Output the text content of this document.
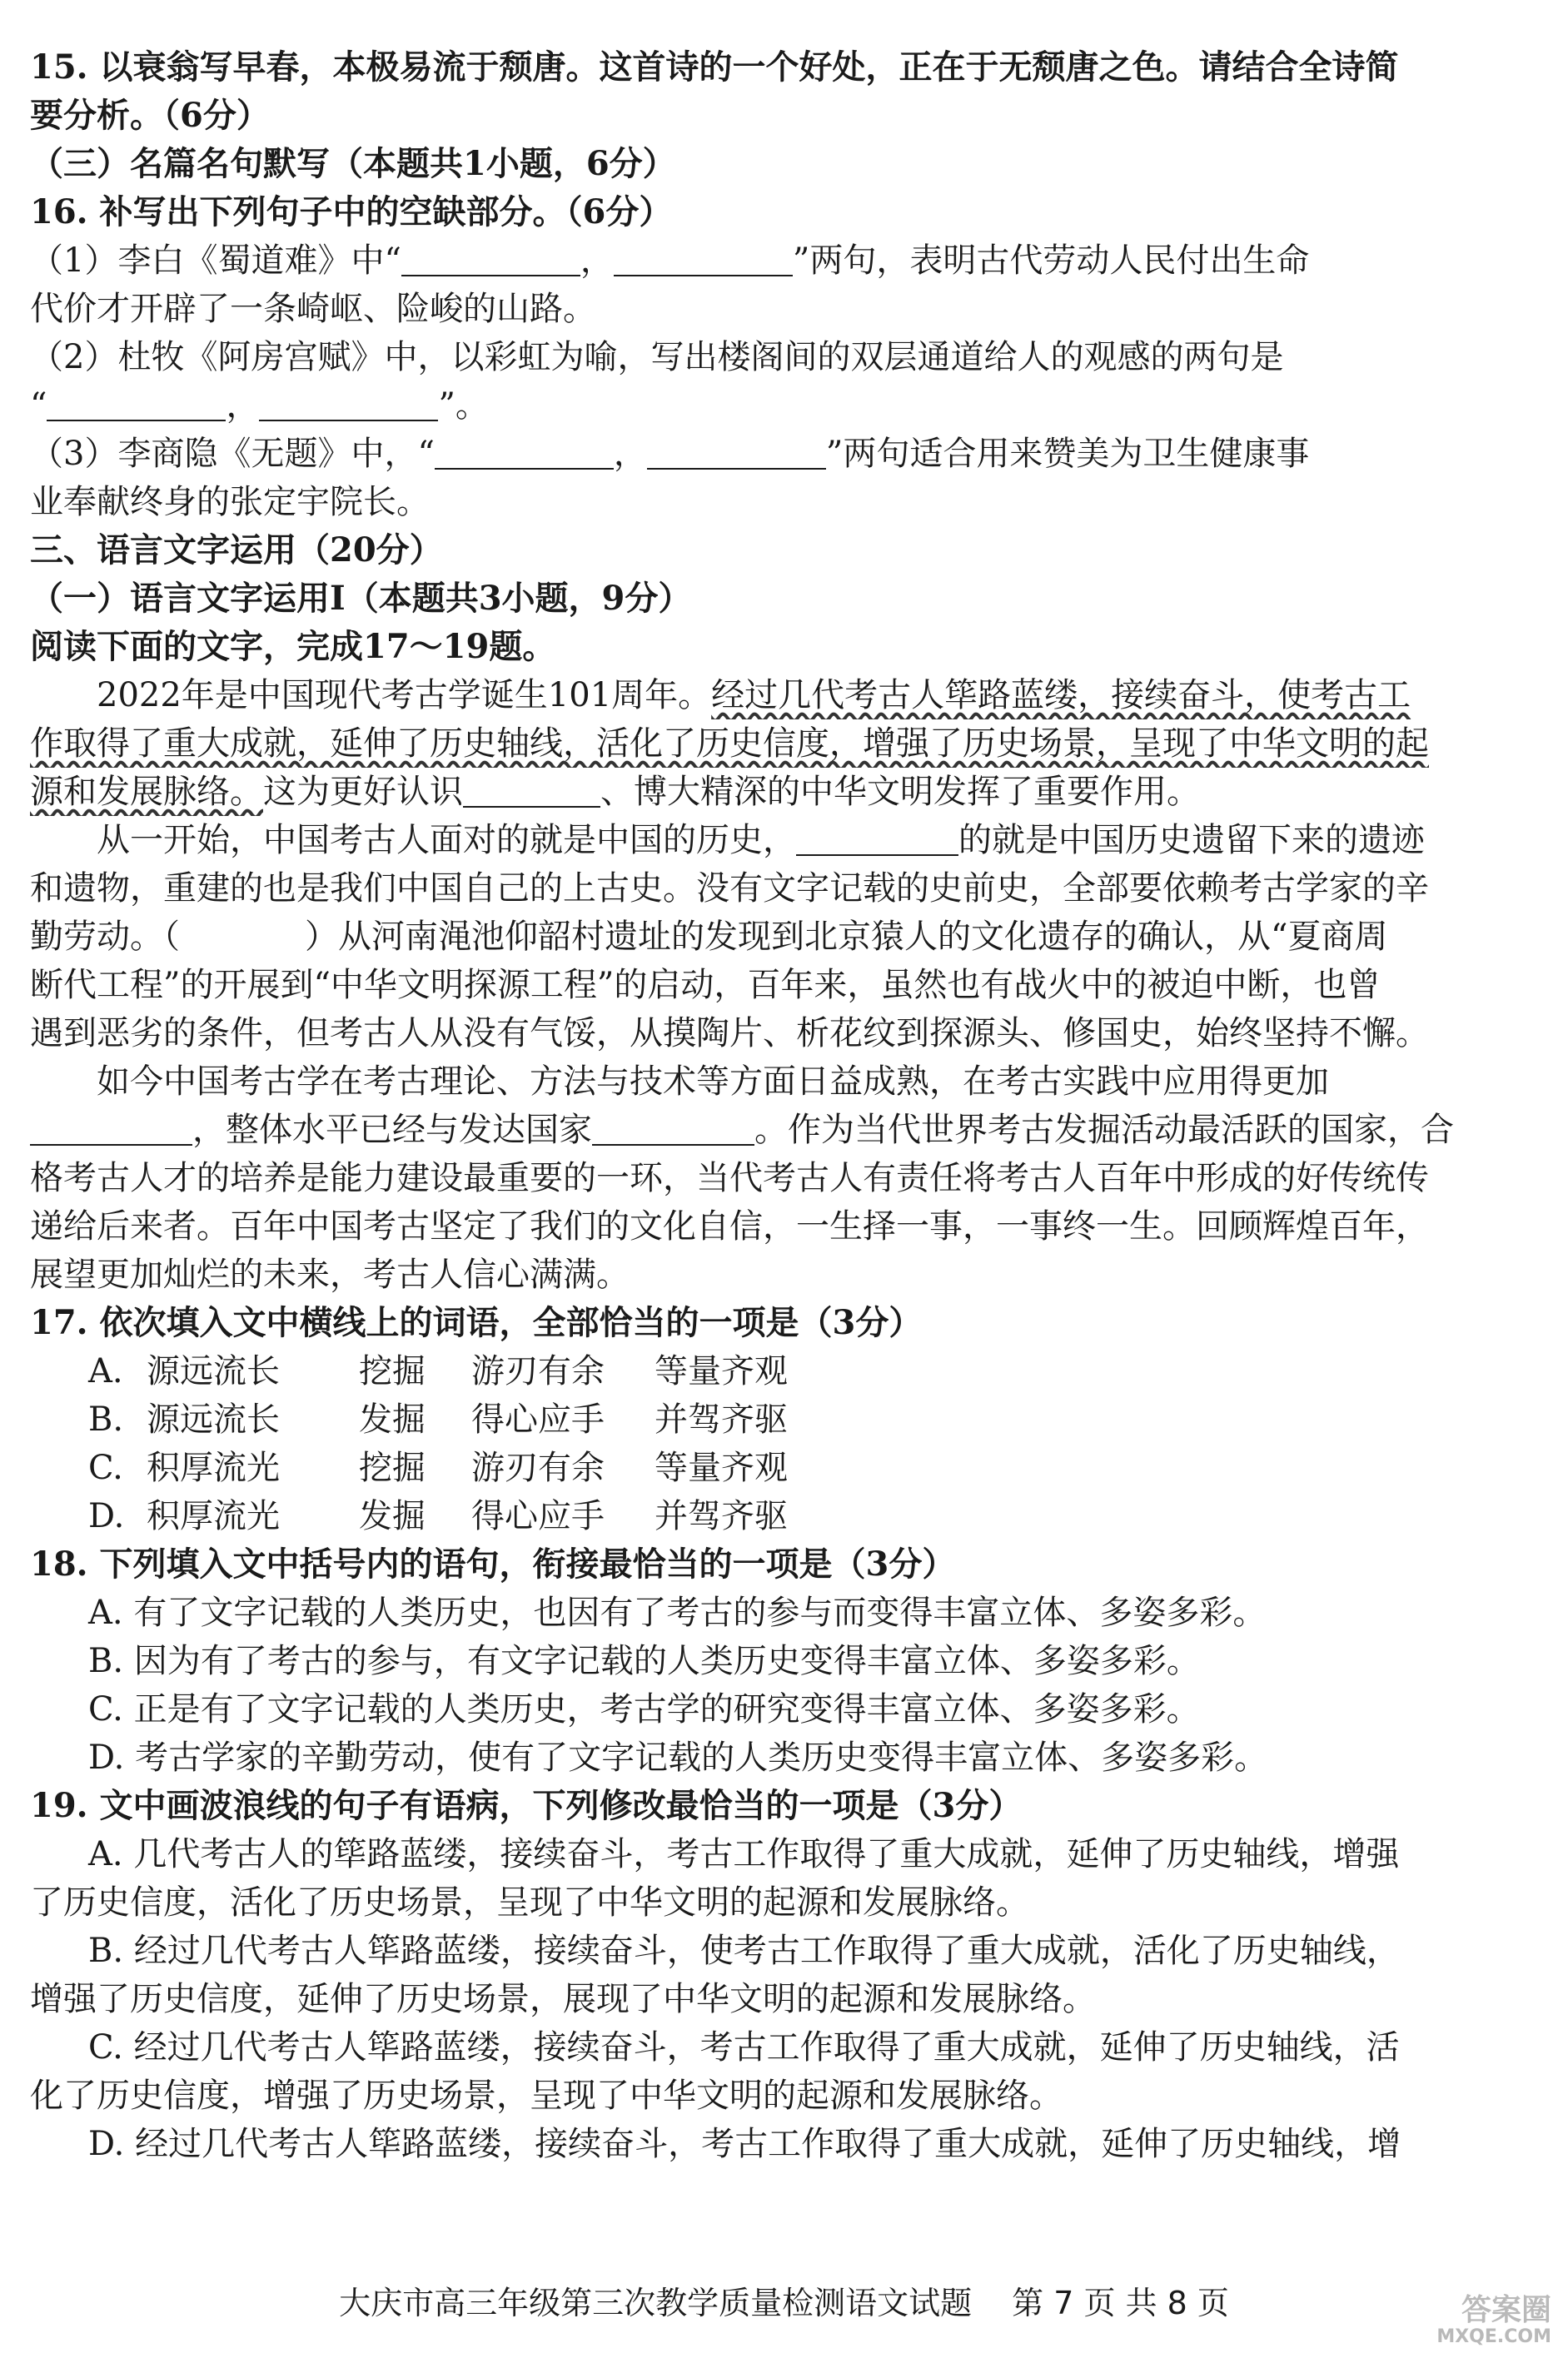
15. 以衰翁写早春，本极易流于颓唐。这首诗的一个好处，正在于无颓唐之色。请结合全诗简
要分析。（6分）
（三）名篇名句默写（本题共1小题，6分）
16. 补写出下列句子中的空缺部分。（6分）
（1）李白《蜀道难》中“	，	”两句，表明古代劳动人民付出生命
代价才开辟了一条崎岖、险峻的山路。
（2）杜牧《阿房宫赋》中，以彩虹为喻，写出楼阁间的双层通道给人的观感的两句是
“	，	”。
（3）李商隐《无题》中，“	，	”两句适合用来赞美为卫生健康事
业奉献终身的张定宇院长。
三、语言文字运用（20分）
（一）语言文字运用Ⅰ（本题共3小题，9分）
阅读下面的文字，完成17～19题。
2022年是中国现代考古学诞生101周年。经过几代考古人筚路蓝缕，接续奋斗，使考古工
作取得了重大成就，延伸了历史轴线，活化了历史信度，增强了历史场景，呈现了中华文明的起
源和发展脉络。这为更好认识	、博大精深的中华文明发挥了重要作用。
从一开始，中国考古人面对的就是中国的历史，	的就是中国历史遗留下来的遗迹
和遗物，重建的也是我们中国自己的上古史。没有文字记载的史前史，全部要依赖考古学家的辛
勤劳动。（	）从河南渑池仰韶村遗址的发现到北京猿人的文化遗存的确认，从“夏商周
断代工程”的开展到“中华文明探源工程”的启动，百年来，虽然也有战火中的被迫中断，也曾
遇到恶劣的条件，但考古人从没有气馁，从摸陶片、析花纹到探源头、修国史，始终坚持不懈。
如今中国考古学在考古理论、方法与技术等方面日益成熟，在考古实践中应用得更加
，整体水平已经与发达国家	。作为当代世界考古发掘活动最活跃的国家，合
格考古人才的培养是能力建设最重要的一环，当代考古人有责任将考古人百年中形成的好传统传
递给后来者。百年中国考古坚定了我们的文化自信，一生择一事，一事终一生。回顾辉煌百年，
展望更加灿烂的未来，考古人信心满满。
17. 依次填入文中横线上的词语，全部恰当的一项是（3分）
A. 源远流长 挖掘 游刃有余 等量齐观
B. 源远流长 发掘 得心应手 并驾齐驱
C. 积厚流光 挖掘 游刃有余 等量齐观
D. 积厚流光 发掘 得心应手 并驾齐驱
18. 下列填入文中括号内的语句，衔接最恰当的一项是（3分）
A. 有了文字记载的人类历史，也因有了考古的参与而变得丰富立体、多姿多彩。
B. 因为有了考古的参与，有文字记载的人类历史变得丰富立体、多姿多彩。
C. 正是有了文字记载的人类历史，考古学的研究变得丰富立体、多姿多彩。
D. 考古学家的辛勤劳动，使有了文字记载的人类历史变得丰富立体、多姿多彩。
19. 文中画波浪线的句子有语病，下列修改最恰当的一项是（3分）
A. 几代考古人的筚路蓝缕，接续奋斗，考古工作取得了重大成就，延伸了历史轴线，增强
了历史信度，活化了历史场景，呈现了中华文明的起源和发展脉络。
B. 经过几代考古人筚路蓝缕，接续奋斗，使考古工作取得了重大成就，活化了历史轴线，
增强了历史信度，延伸了历史场景，展现了中华文明的起源和发展脉络。
C. 经过几代考古人筚路蓝缕，接续奋斗，考古工作取得了重大成就，延伸了历史轴线，活
化了历史信度，增强了历史场景，呈现了中华文明的起源和发展脉络。
D. 经过几代考古人筚路蓝缕，接续奋斗，考古工作取得了重大成就，延伸了历史轴线，增
大庆市高三年级第三次教学质量检测语文试题 第 7 页 共 8 页	答案圈
MXQE.COM
